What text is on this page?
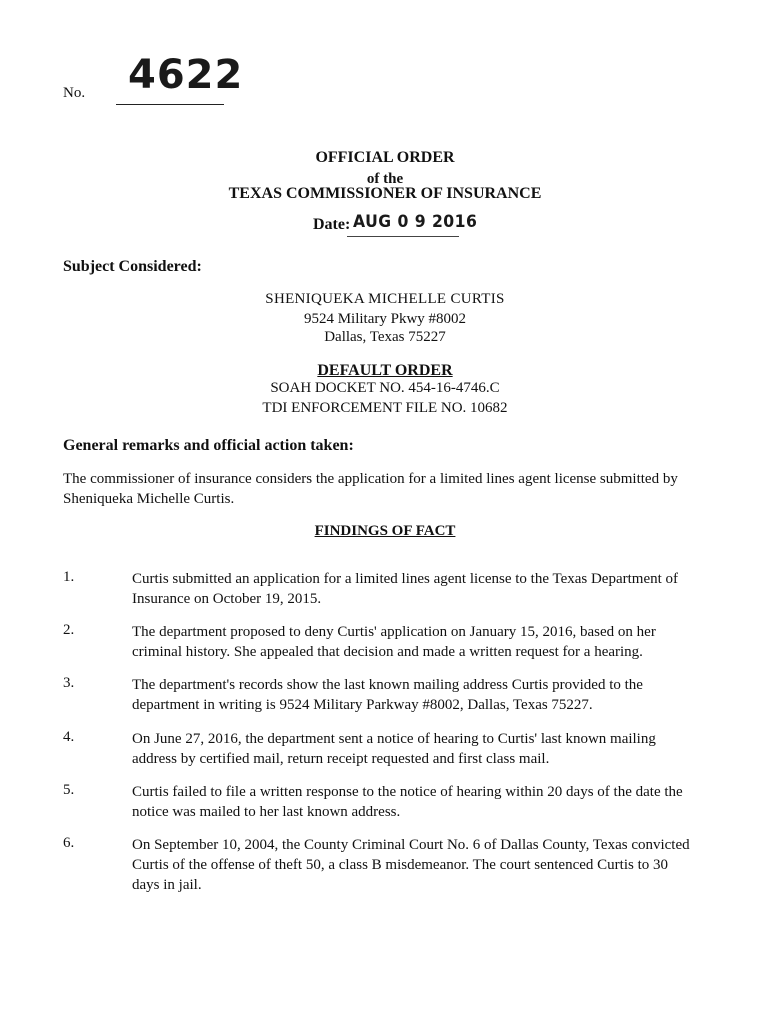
No. 4622
OFFICIAL ORDER
of the
TEXAS COMMISSIONER OF INSURANCE
Date: AUG 0 9 2016
Subject Considered:
SHENIQUEKA MICHELLE CURTIS
9524 Military Pkwy #8002
Dallas, Texas 75227
DEFAULT ORDER
SOAH DOCKET NO. 454-16-4746.C
TDI ENFORCEMENT FILE NO. 10682
General remarks and official action taken:
The commissioner of insurance considers the application for a limited lines agent license submitted by Sheniqueka Michelle Curtis.
FINDINGS OF FACT
1.	Curtis submitted an application for a limited lines agent license to the Texas Department of Insurance on October 19, 2015.
2.	The department proposed to deny Curtis' application on January 15, 2016, based on her criminal history. She appealed that decision and made a written request for a hearing.
3.	The department's records show the last known mailing address Curtis provided to the department in writing is 9524 Military Parkway #8002, Dallas, Texas 75227.
4.	On June 27, 2016, the department sent a notice of hearing to Curtis' last known mailing address by certified mail, return receipt requested and first class mail.
5.	Curtis failed to file a written response to the notice of hearing within 20 days of the date the notice was mailed to her last known address.
6.	On September 10, 2004, the County Criminal Court No. 6 of Dallas County, Texas convicted Curtis of the offense of theft 50, a class B misdemeanor. The court sentenced Curtis to 30 days in jail.
